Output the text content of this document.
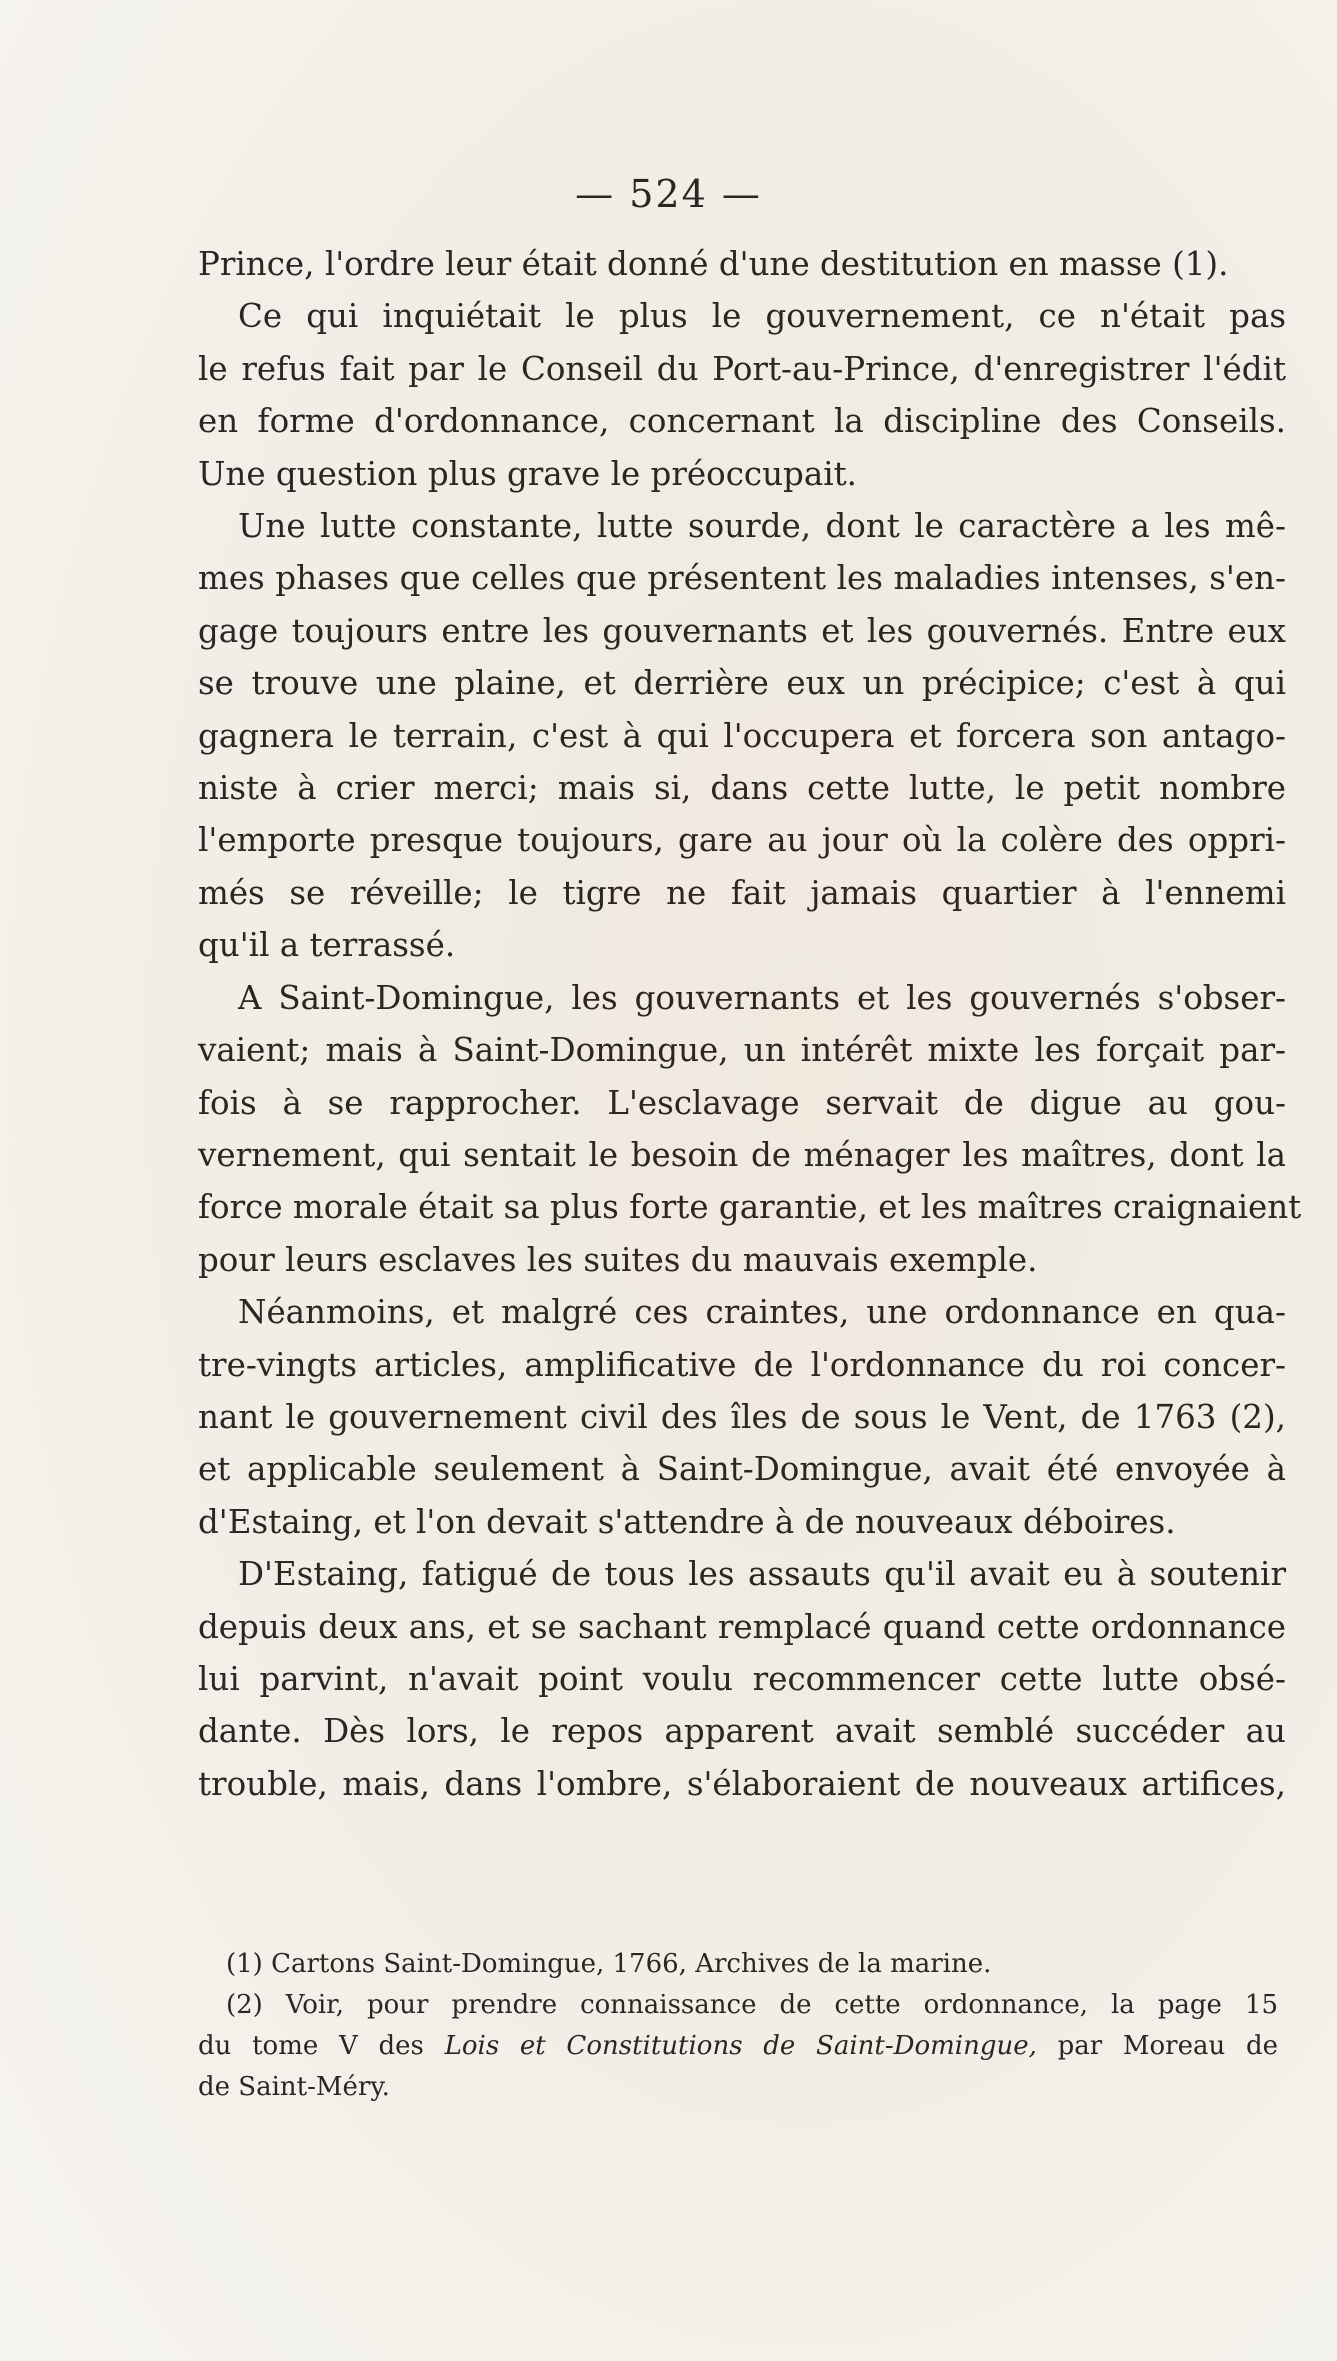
— 524 —
Prince, l'ordre leur était donné d'une destitution en masse (1).
Ce qui inquiétait le plus le gouvernement, ce n'était pas
le refus fait par le Conseil du Port-au-Prince, d'enregistrer l'édit
en forme d'ordonnance, concernant la discipline des Conseils.
Une question plus grave le préoccupait.
Une lutte constante, lutte sourde, dont le caractère a les mê-
mes phases que celles que présentent les maladies intenses, s'en-
gage toujours entre les gouvernants et les gouvernés. Entre eux
se trouve une plaine, et derrière eux un précipice; c'est à qui
gagnera le terrain, c'est à qui l'occupera et forcera son antago-
niste à crier merci; mais si, dans cette lutte, le petit nombre
l'emporte presque toujours, gare au jour où la colère des oppri-
més se réveille; le tigre ne fait jamais quartier à l'ennemi
qu'il a terrassé.
A Saint-Domingue, les gouvernants et les gouvernés s'obser-
vaient; mais à Saint-Domingue, un intérêt mixte les forçait par-
fois à se rapprocher. L'esclavage servait de digue au gou-
vernement, qui sentait le besoin de ménager les maîtres, dont la
force morale était sa plus forte garantie, et les maîtres craignaient
pour leurs esclaves les suites du mauvais exemple.
Néanmoins, et malgré ces craintes, une ordonnance en qua-
tre-vingts articles, amplificative de l'ordonnance du roi concer-
nant le gouvernement civil des îles de sous le Vent, de 1763 (2),
et applicable seulement à Saint-Domingue, avait été envoyée à
d'Estaing, et l'on devait s'attendre à de nouveaux déboires.
D'Estaing, fatigué de tous les assauts qu'il avait eu à soutenir
depuis deux ans, et se sachant remplacé quand cette ordonnance
lui parvint, n'avait point voulu recommencer cette lutte obsé-
dante. Dès lors, le repos apparent avait semblé succéder au
trouble, mais, dans l'ombre, s'élaboraient de nouveaux artifices,
(1) Cartons Saint-Domingue, 1766, Archives de la marine.
(2) Voir, pour prendre connaissance de cette ordonnance, la page 15
du tome V des Lois et Constitutions de Saint-Domingue, par Moreau de
de Saint-Méry.
